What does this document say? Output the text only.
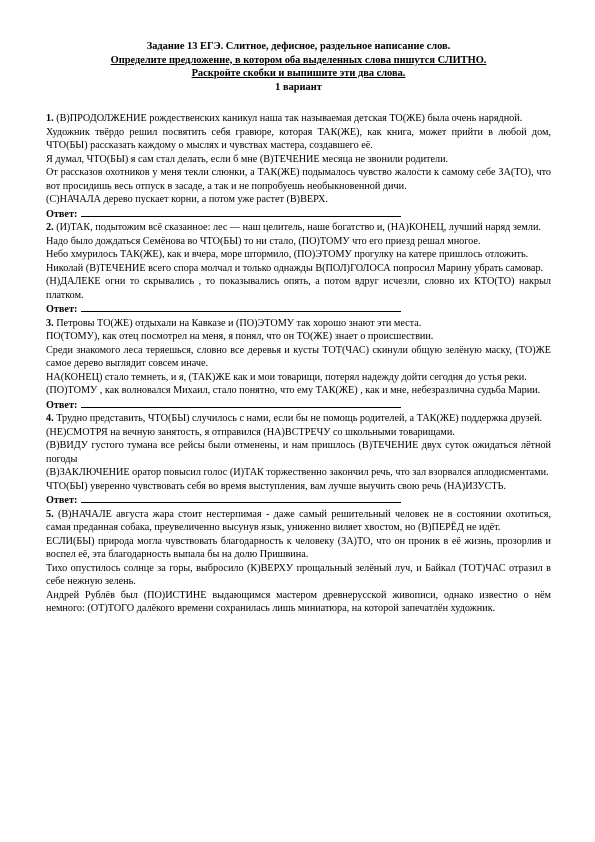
Задание 13 ЕГЭ. Слитное, дефисное, раздельное написание слов.
Определите предложение, в котором оба выделенных слова пишутся СЛИТНО.
Раскройте скобки и выпишите эти два слова.
1 вариант

1. (В)ПРОДОЛЖЕНИЕ рождественских каникул наша так называемая детская ТО(ЖЕ) была очень нарядной.

Художник твёрдо решил посвятить себя гравюре, которая ТАК(ЖЕ), как книга, может прийти в любой дом, ЧТО(БЫ) рассказать каждому о мыслях и чувствах мастера, создавшего её.

Я думал, ЧТО(БЫ) я сам стал делать, если б мне (В)ТЕЧЕНИЕ месяца не звонили родители.

От рассказов охотников у меня текли слюнки, а ТАК(ЖЕ) подымалось чувство жалости к самому себе ЗА(ТО), что вот просидишь весь отпуск в засаде, а так и не попробуешь необыкновенной дичи.

(С)НАЧАЛА дерево пускает корни, а потом уже растет (В)ВЕРХ.

Ответ:

2. (И)ТАК, подытожим всё сказанное: лес — наш целитель, наше богатство и, (НА)КОНЕЦ, лучший наряд земли.

Надо было дождаться Семёнова во ЧТО(БЫ) то ни стало, (ПО)ТОМУ что его приезд решал многое.

Небо хмурилось ТАК(ЖЕ), как и вчера, море штормило, (ПО)ЭТОМУ прогулку на катере пришлось отложить.

Николай (В)ТЕЧЕНИЕ всего спора молчал и только однажды В(ПОЛ)ГОЛОСА попросил Марину убрать самовар.

(Н)ДАЛЕКЕ огни то скрывались , то показывались опять, а потом вдруг исчезли, словно их КТО(ТО) накрыл платком.

Ответ:

3. Петровы ТО(ЖЕ) отдыхали на Кавказе и (ПО)ЭТОМУ так хорошо знают эти места.

ПО(ТОМУ), как отец посмотрел на меня, я понял, что он ТО(ЖЕ) знает о происшествии.

Среди знакомого леса теряешься, словно все деревья и кусты ТОТ(ЧАС) скинули общую зелёную маску, (ТО)ЖЕ самое дерево выглядит совсем иначе.

НА(КОНЕЦ) стало темнеть, и я, (ТАК)ЖЕ как и мои товарищи, потерял надежду дойти сегодня до устья реки.

(ПО)ТОМУ , как волновался Михаил, стало понятно, что ему ТАК(ЖЕ) , как и мне, небезразлична судьба Марии.

Ответ:

4. Трудно представить, ЧТО(БЫ) случилось с нами, если бы не помощь родителей, а ТАК(ЖЕ) поддержка друзей.

(НЕ)СМОТРЯ на вечную занятость, я отправился (НА)ВСТРЕЧУ со школьными товарищами.

(В)ВИДУ густого тумана все рейсы были отменены, и нам пришлось (В)ТЕЧЕНИЕ двух суток ожидаться лётной погоды

(В)ЗАКЛЮЧЕНИЕ оратор повысил голос (И)ТАК торжественно закончил речь, что зал взорвался аплодисментами.

ЧТО(БЫ) уверенно чувствовать себя во время выступления, вам лучше выучить свою речь (НА)ИЗУСТЬ.

Ответ:

5. (В)НАЧАЛЕ августа жара стоит нестерпимая - даже самый решительный человек не в состоянии охотиться, самая преданная собака, преувеличенно высунув язык, униженно виляет хвостом, но (В)ПЕРЁД не идёт.

ЕСЛИ(БЫ) природа могла чувствовать благодарность к человеку (ЗА)ТО, что он проник в её жизнь, прозорлив и воспел её, эта благодарность выпала бы на долю Пришвина.

Тихо опустилось солнце за горы, выбросило (К)ВЕРХУ прощальный зелёный луч, и Байкал (ТОТ)ЧАС отразил в себе нежную зелень.

Андрей Рублёв был (ПО)ИСТИНЕ выдающимся мастером древнерусской живописи, однако известно о нём немного: (ОТ)ТОГО далёкого времени сохранилась лишь миниатюра, на которой запечатлён художник.
